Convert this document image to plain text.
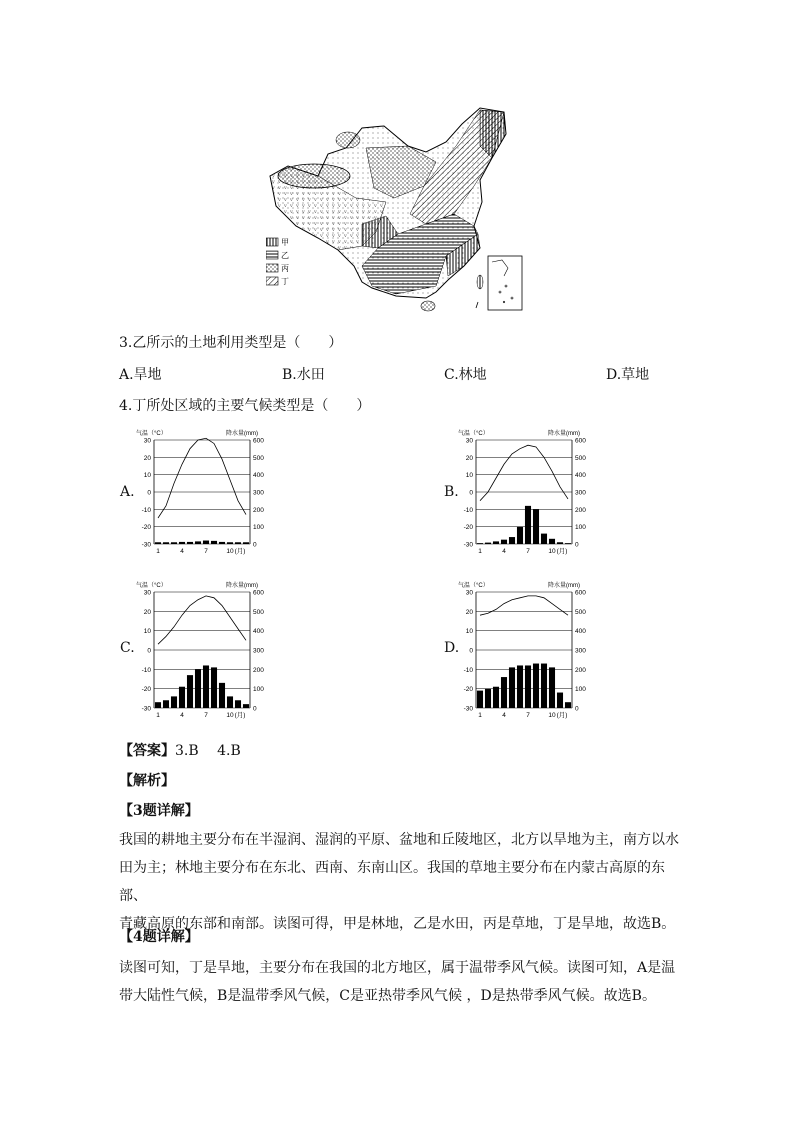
甲
乙
丙
丁
3.乙所示的土地利用类型是（　　）
A.旱地	B.水田	C.林地	D.草地
4.丁所处区域的主要气候类型是（　　）
A.	B.
C.	D.
气温（°C）	降水量(mm)
30
20
10
0
-10
-20
-30
600
500
400
300
200
100
0
1	4	7	10 (月)
气温（°C）	降水量(mm)
30
20
10
0
-10
-20
-30
600
500
400
300
200
100
0
1	4	7	10 (月)
气温（°C）	降水量(mm)
30
20
10
0
-10
-20
-30
600
500
400
300
200
100
0
1	4	7	10 (月)
气温（°C）	降水量(mm)
30
20
10
0
-10
-20
-30
600
500
400
300
200
100
0
1	4	7	10 (月)
【答案】3.B　 4.B
【解析】
【3题详解】
我国的耕地主要分布在半湿润、湿润的平原、盆地和丘陵地区，北方以旱地为主，南方以水
田为主；林地主要分布在东北、西南、东南山区。我国的草地主要分布在内蒙古高原的东部、
青藏高原的东部和南部。读图可得，甲是林地，乙是水田，丙是草地，丁是旱地，故选B。
【4题详解】
读图可知，丁是旱地，主要分布在我国的北方地区，属于温带季风气候。读图可知，A是温
带大陆性气候，B是温带季风气候，C是亚热带季风气候 ，D是热带季风气候。故选B。
